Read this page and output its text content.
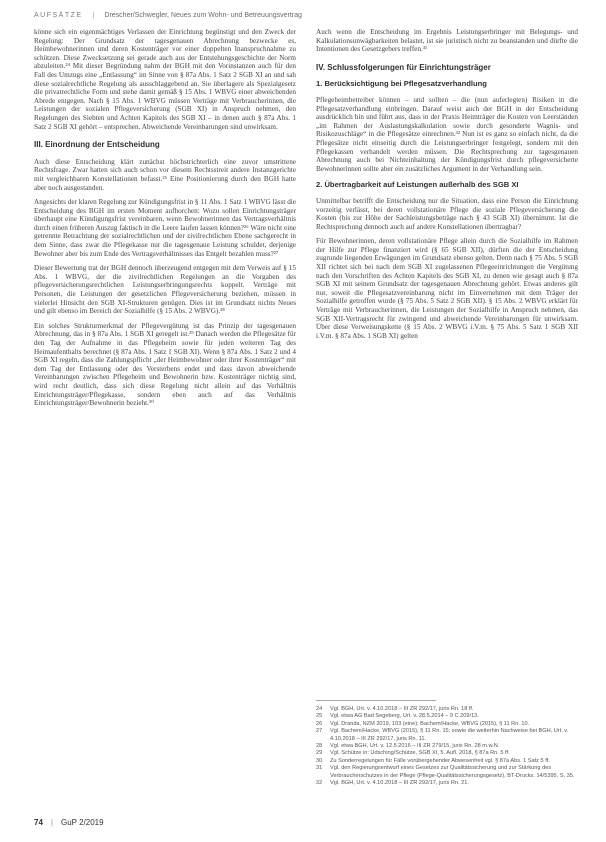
AUFSÄTZE | Drescher/Schwegler, Neues zum Wohn- und Betreuungsvertrag

könne sich ein eigenmächtiges Verlassen der Einrichtung begünstigt und den Zweck der Regelung: Der Grundsatz der tagesgenauen Abrechnung bezwecke es, Heimbewohnerinnen und deren Kostenträger vor einer doppelten Inanspruchnahme zu schützen. Diese Zwecksetzung sei gerade auch aus der Entstehungsgeschichte der Norm abzuleiten.²⁴ Mit dieser Begründung nahm der BGH mit den Vorinstanzen auch für den Fall des Umzugs eine „Entlassung“ im Sinne von § 87a Abs. 1 Satz 2 SGB XI an und sah diese sozialrechtliche Regelung als ausschlaggebend an. Sie überlagere als Spezialgesetz die privatrechtliche Form und stehe damit gemäß § 15 Abs. 1 WBVG einer abweichenden Abrede entgegen. Nach § 15 Abs. 1 WBVG müssen Verträge mit Verbraucherinnen, die Leistungen der sozialen Pflegeversicherung (SGB XI) in Anspruch nehmen, den Regelungen des Siebten und Achten Kapitels des SGB XI – in denen auch § 87a Abs. 1 Satz 2 SGB XI gehört – entsprechen. Abweichende Vereinbarungen sind unwirksam.

III. Einordnung der Entscheidung

Auch diese Entscheidung klärt zunächst höchstrichterlich eine zuvor umstrittene Rechtsfrage. Zwar hatten sich auch schon vor diesem Rechtsstreit andere Instanzgerichte mit vergleichbaren Konstellationen befasst.²⁵ Eine Positionierung durch den BGH hatte aber noch ausgestanden.

Angesichts der klaren Regelung zur Kündigungsfrist in § 11 Abs. 1 Satz 1 WBVG lässt die Entscheidung des BGH im ersten Moment aufhorchen: Wozu sollen Einrichtungsträger überhaupt eine Kündigungsfrist vereinbaren, wenn Bewohnerinnen das Vertragsverhältnis durch einen früheren Auszug faktisch in die Leere laufen lassen können?²⁶ Wäre nicht eine getrennte Betrachtung der sozialrechtlichen und der zivilrechtlichen Ebene sachgerecht in dem Sinne, dass zwar die Pflegekasse nur die tagesgenaue Leistung schuldet, derjenige Bewohner aber bis zum Ende des Vertragsverhältnisses das Entgelt bezahlen muss?²⁷

Dieser Bewertung trat der BGH dennoch überzeugend entgegen mit dem Verweis auf § 15 Abs. 1 WBVG, der die zivilrechtlichen Regelungen an die Vorgaben des pflegeversicherungsrechtlichen Leistungserbringungsrechts koppelt. Verträge mit Personen, die Leistungen der gesetzlichen Pflegeversicherung beziehen, müssen in vielerlei Hinsicht den SGB XI-Strukturen genügen. Dies ist im Grundsatz nichts Neues und gilt ebenso im Bereich der Sozialhilfe (§ 15 Abs. 2 WBVG).²⁸

Ein solches Strukturmerkmal der Pflegevergütung ist das Prinzip der tagesgenauen Abrechnung, das in § 87a Abs. 1 SGB XI geregelt ist.²⁹ Danach werden die Pflegesätze für den Tag der Aufnahme in das Pflegeheim sowie für jeden weiteren Tag des Heimaufenthalts berechnet (§ 87a Abs. 1 Satz 1 SGB XI). Wenn § 87a Abs. 1 Satz 2 und 4 SGB XI regeln, dass die Zahlungspflicht „der Heimbewohner oder ihrer Kostenträger“ mit dem Tag der Entlassung oder des Versterbens endet und dass davon abweichende Vereinbarungen zwischen Pflegeheim und Bewohnerin bzw. Kostenträger nichtig sind, wird recht deutlich, dass sich diese Regelung nicht allein auf das Verhältnis Einrichtungsträger/Pflegekasse, sondern eben auch auf das Verhältnis Einrichtungsträger/Bewohnerin bezieht.³⁰

Auch wenn die Entscheidung im Ergebnis Leistungserbringer mit Belegungs- und Kalkulationsunwägbarkeiten belastet, ist sie juristisch nicht zu beanstanden und dürfte die Intentionen des Gesetzgebers treffen.³¹

IV. Schlussfolgerungen für Einrichtungsträger
1. Berücksichtigung bei Pflegesatzverhandlung

Pflegeheimbetreiber können – und sollten – die (nun auferlegten) Risiken in die Pflegesatzverhandlung einbringen. Darauf weist auch der BGH in der Entscheidung ausdrücklich hin und führt aus, dass in der Praxis Heimträger die Kosten von Leerständen „im Rahmen der Auslastungskalkulation sowie durch gesonderte Wagnis- und Risikozuschläge“ in die Pflegesätze einrechnen.³² Nun ist es ganz so einfach nicht, da die Pflegesätze nicht einseitig durch die Leistungserbringer festgelegt, sondern mit den Pflegekassen verhandelt werden müssen. Die Rechtsprechung zur tagesgenauen Abrechnung auch bei Nichteinhaltung der Kündigungsfrist durch pflegeversicherte Bewohnerinnen sollte aber ein zusätzliches Argument in der Verhandlung sein.

2. Übertragbarkeit auf Leistungen außerhalb des SGB XI

Unmittelbar betrifft die Entscheidung nur die Situation, dass eine Person die Einrichtung vorzeitig verlässt, bei deren vollstationäre Pflege die soziale Pflegeversicherung die Kosten (bis zur Höhe der Sachleistungsbeträge nach § 43 SGB XI) übernimmt. Ist die Rechtsprechung dennoch auch auf andere Konstellationen übertragbar?

Für Bewohnerinnen, deren vollstationäre Pflege allein durch die Sozialhilfe im Rahmen der Hilfe zur Pflege finanziert wird (§ 65 SGB XII), dürften die der Entscheidung zugrunde liegenden Erwägungen im Grundsatz ebenso gelten. Denn nach § 75 Abs. 5 SGB XII richtet sich bei nach dem SGB XI zugelassenen Pflegeeinrichtungen die Vergütung nach den Vorschriften des Achten Kapitels des SGB XI, zu denen wie gesagt auch § 87a SGB XI mit seinem Grundsatz der tagesgenauen Abrechnung gehört. Etwas anderes gilt nur, soweit die Pflegesatzvereinbarung nicht im Einvernehmen mit dem Träger der Sozialhilfe getroffen wurde (§ 75 Abs. 5 Satz 2 SGB XII). § 15 Abs. 2 WBVG erklärt für Verträge mit Verbraucherinnen, die Leistungen der Sozialhilfe in Anspruch nehmen, das SGB XII-Vertragsrecht für zwingend und abweichende Vereinbarungen für unwirksam. Über diese Verweisungskette (§ 15 Abs. 2 WBVG i.V.m. § 75 Abs. 5 Satz 1 SGB XII i.V.m. § 87a Abs. 1 SGB XI) gelten

24	Vgl. BGH, Urt. v. 4.10.2018 – III ZR 292/17, juris Rn. 18 ff.
25	Vgl. etwa AG Bad Segeberg, Urt. v. 28.5.2014 – 9 C 209/13.
26	Vgl. Dranda, NZM 2019, 103 (eine); Bachem/Hacke, WBVG (2015), § 11 Rn. 10.
27	Vgl. Bachem/Hacke, WBVG (2015), § 11 Rn. 15; sowie die weiterhin Nachweise bei BGH, Urt. v. 4.10.2018 – III ZR 292/17, juris Rn. 11.
28	Vgl. etwa BGH, Urt. v. 12.5.2016 – III ZR 279/15, juris Rn. 28 m.w.N.
29	Vgl. Schütze in: Udsching/Schütze, SGB XI, 5. Aufl. 2018, § 87a Rn. 5 ff.
30	Zu Sonderregelungen für Fälle vorübergehender Abwesenheit vgl. § 87a Abs. 1 Satz 5 ff.
31	Vgl. den Regierungsentwurf eines Gesetzes zur Qualitätssicherung und zur Stärkung des Verbraucherschutzes in der Pflege (Pflege-Qualitätssicherungsgesetz), BT-Drucks. 14/5395, S. 35.
32	Vgl. BGH, Urt. v. 4.10.2018 – III ZR 292/17, juris Rn. 21.
74 | GuP 2/2019
